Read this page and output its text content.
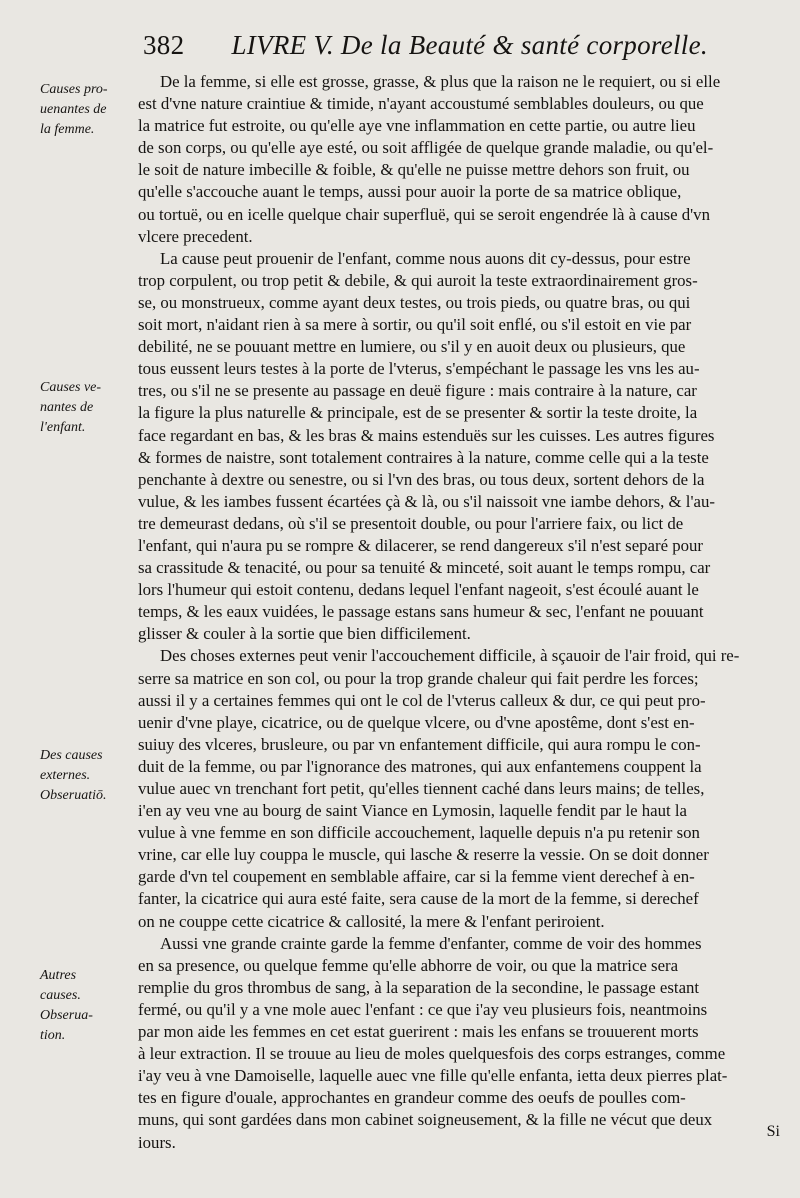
382 LIVRE V. De la Beauté & santé corporelle.
Causes pro-
uenantes de
la femme.
Causes ve-
nantes de
l'enfant.
Des causes
externes.
Obseruatiō.
Autres
causes.
Obserua-
tion.
De la femme, si elle est grosse, grasse, & plus que la raison ne le requiert, ou si elle
est d'vne nature craintiue & timide, n'ayant accoustumé semblables douleurs, ou que
la matrice fut estroite, ou qu'elle aye vne inflammation en cette partie, ou autre lieu
de son corps, ou qu'elle aye esté, ou soit affligée de quelque grande maladie, ou qu'el-
le soit de nature imbecille & foible, & qu'elle ne puisse mettre dehors son fruit, ou
qu'elle s'accouche auant le temps, aussi pour auoir la porte de sa matrice oblique,
ou tortuë, ou en icelle quelque chair superfluë, qui se seroit engendrée là à cause d'vn
vlcere precedent.
La cause peut prouenir de l'enfant, comme nous auons dit cy-dessus, pour estre
trop corpulent, ou trop petit & debile, & qui auroit la teste extraordinairement gros-
se, ou monstrueux, comme ayant deux testes, ou trois pieds, ou quatre bras, ou qui
soit mort, n'aidant rien à sa mere à sortir, ou qu'il soit enflé, ou s'il estoit en vie par
debilité, ne se pouuant mettre en lumiere, ou s'il y en auoit deux ou plusieurs, que
tous eussent leurs testes à la porte de l'vterus, s'empéchant le passage les vns les au-
tres, ou s'il ne se presente au passage en deuë figure : mais contraire à la nature, car
la figure la plus naturelle & principale, est de se presenter & sortir la teste droite, la
face regardant en bas, & les bras & mains estenduës sur les cuisses. Les autres figures
& formes de naistre, sont totalement contraires à la nature, comme celle qui a la teste
penchante à dextre ou senestre, ou si l'vn des bras, ou tous deux, sortent dehors de la
vulue, & les iambes fussent écartées çà & là, ou s'il naissoit vne iambe dehors, & l'au-
tre demeurast dedans, où s'il se presentoit double, ou pour l'arriere faix, ou lict de
l'enfant, qui n'aura pu se rompre & dilacerer, se rend dangereux s'il n'est separé pour
sa crassitude & tenacité, ou pour sa tenuité & minceté, soit auant le temps rompu, car
lors l'humeur qui estoit contenu, dedans lequel l'enfant nageoit, s'est écoulé auant le
temps, & les eaux vuidées, le passage estans sans humeur & sec, l'enfant ne pouuant
glisser & couler à la sortie que bien difficilement.
Des choses externes peut venir l'accouchement difficile, à sçauoir de l'air froid, qui re-
serre sa matrice en son col, ou pour la trop grande chaleur qui fait perdre les forces;
aussi il y a certaines femmes qui ont le col de l'vterus calleux & dur, ce qui peut pro-
uenir d'vne playe, cicatrice, ou de quelque vlcere, ou d'vne apostême, dont s'est en-
suiuy des vlceres, brusleure, ou par vn enfantement difficile, qui aura rompu le con-
duit de la femme, ou par l'ignorance des matrones, qui aux enfantemens couppent la
vulue auec vn trenchant fort petit, qu'elles tiennent caché dans leurs mains; de telles,
i'en ay veu vne au bourg de saint Viance en Lymosin, laquelle fendit par le haut la
vulue à vne femme en son difficile accouchement, laquelle depuis n'a pu retenir son
vrine, car elle luy couppa le muscle, qui lasche & reserre la vessie. On se doit donner
garde d'vn tel coupement en semblable affaire, car si la femme vient derechef à en-
fanter, la cicatrice qui aura esté faite, sera cause de la mort de la femme, si derechef
on ne couppe cette cicatrice & callosité, la mere & l'enfant periroient.
Aussi vne grande crainte garde la femme d'enfanter, comme de voir des hommes
en sa presence, ou quelque femme qu'elle abhorre de voir, ou que la matrice sera
remplie du gros thrombus de sang, à la separation de la secondine, le passage estant
fermé, ou qu'il y a vne mole auec l'enfant : ce que i'ay veu plusieurs fois, neantmoins
par mon aide les femmes en cet estat guerirent : mais les enfans se trouuerent morts
à leur extraction. Il se trouue au lieu de moles quelquesfois des corps estranges, comme
i'ay veu à vne Damoiselle, laquelle auec vne fille qu'elle enfanta, ietta deux pierres plat-
tes en figure d'ouale, approchantes en grandeur comme des oeufs de poulles com-
muns, qui sont gardées dans mon cabinet soigneusement, & la fille ne vécut que deux
iours.
Si
